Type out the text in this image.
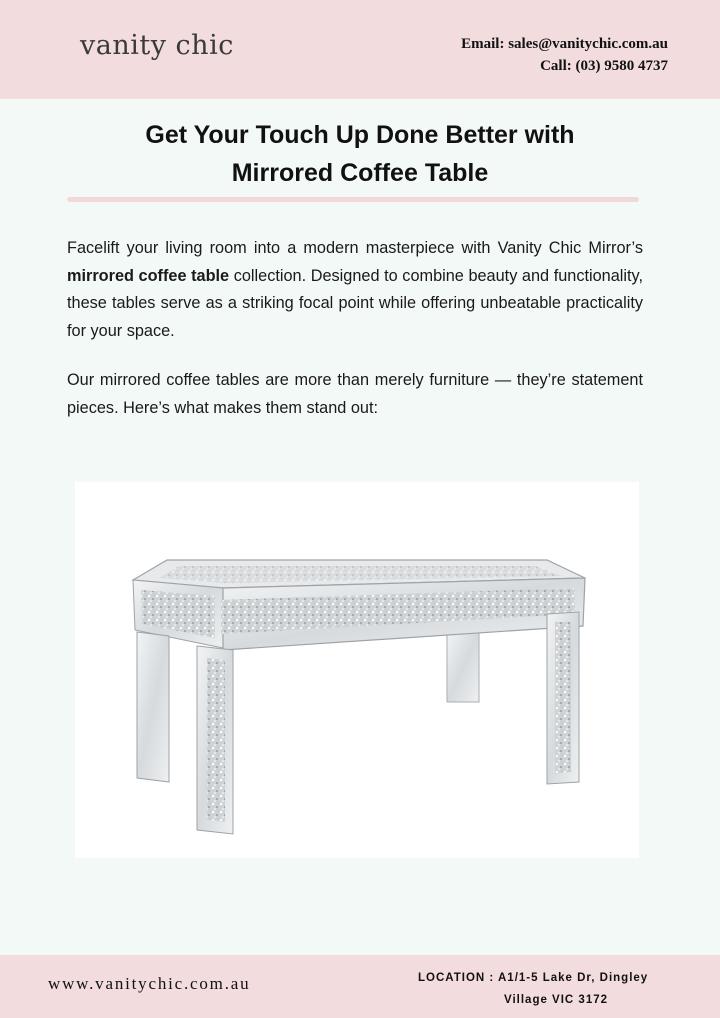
vanity chic	Email: sales@vanitychic.com.au
Call: (03) 9580 4737
Get Your Touch Up Done Better with
Mirrored Coffee Table

Facelift your living room into a modern masterpiece with Vanity Chic Mirror’s mirrored coffee table collection. Designed to combine beauty and functionality, these tables serve as a striking focal point while offering unbeatable practicality for your space.

Our mirrored coffee tables are more than merely furniture — they’re statement pieces. Here’s what makes them stand out:

www.vanitychic.com.au	LOCATION : A1/1-5 Lake Dr, Dingley
Village VIC 3172
